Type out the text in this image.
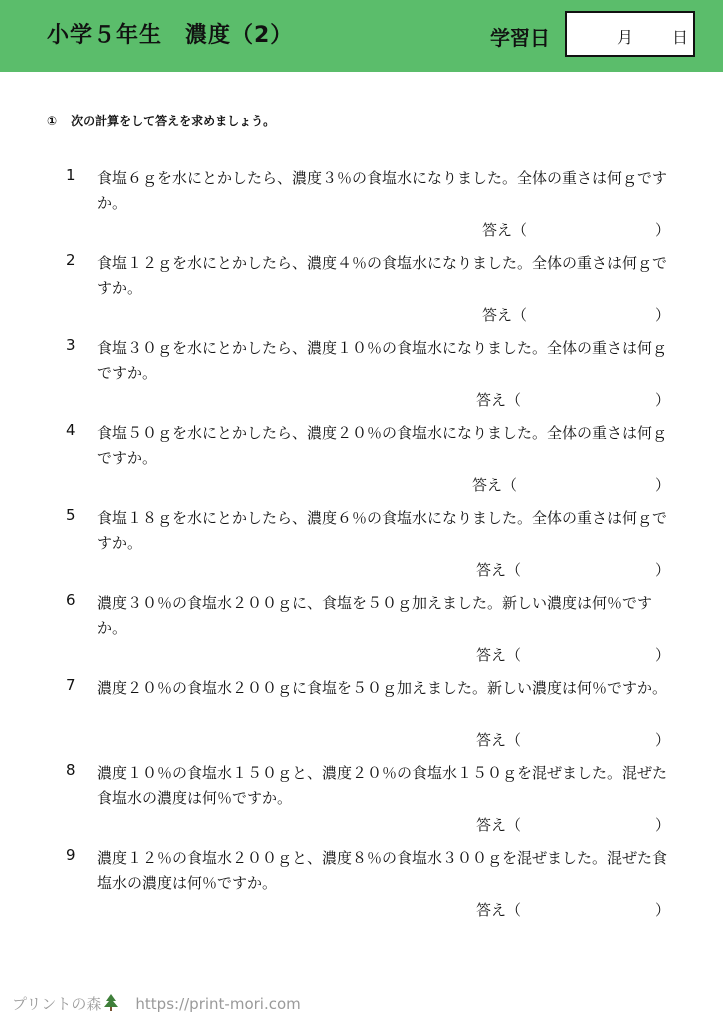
小学５年生　濃度（2）	学習日	月 日
① 次の計算をして答えを求めましょう。
1 食塩６ｇを水にとかしたら、濃度３％の食塩水になりました。全体の重さは何ｇですか。
答え（	）
2 食塩１２ｇを水にとかしたら、濃度４％の食塩水になりました。全体の重さは何ｇですか。
答え（	）
3 食塩３０ｇを水にとかしたら、濃度１０％の食塩水になりました。全体の重さは何ｇですか。
答え（	）
4 食塩５０ｇを水にとかしたら、濃度２０％の食塩水になりました。全体の重さは何ｇですか。
答え（	）
5 食塩１８ｇを水にとかしたら、濃度６％の食塩水になりました。全体の重さは何ｇですか。
答え（	）
6 濃度３０％の食塩水２００ｇに、食塩を５０ｇ加えました。新しい濃度は何％ですか。
答え（	）
7 濃度２０％の食塩水２００ｇに食塩を５０ｇ加えました。新しい濃度は何％ですか。
答え（	）
8 濃度１０％の食塩水１５０ｇと、濃度２０％の食塩水１５０ｇを混ぜました。混ぜた食塩水の濃度は何％ですか。
答え（	）
9 濃度１２％の食塩水２００ｇと、濃度８％の食塩水３００ｇを混ぜました。混ぜた食塩水の濃度は何％ですか。
答え（	）
プリントの森 https://print-mori.com
